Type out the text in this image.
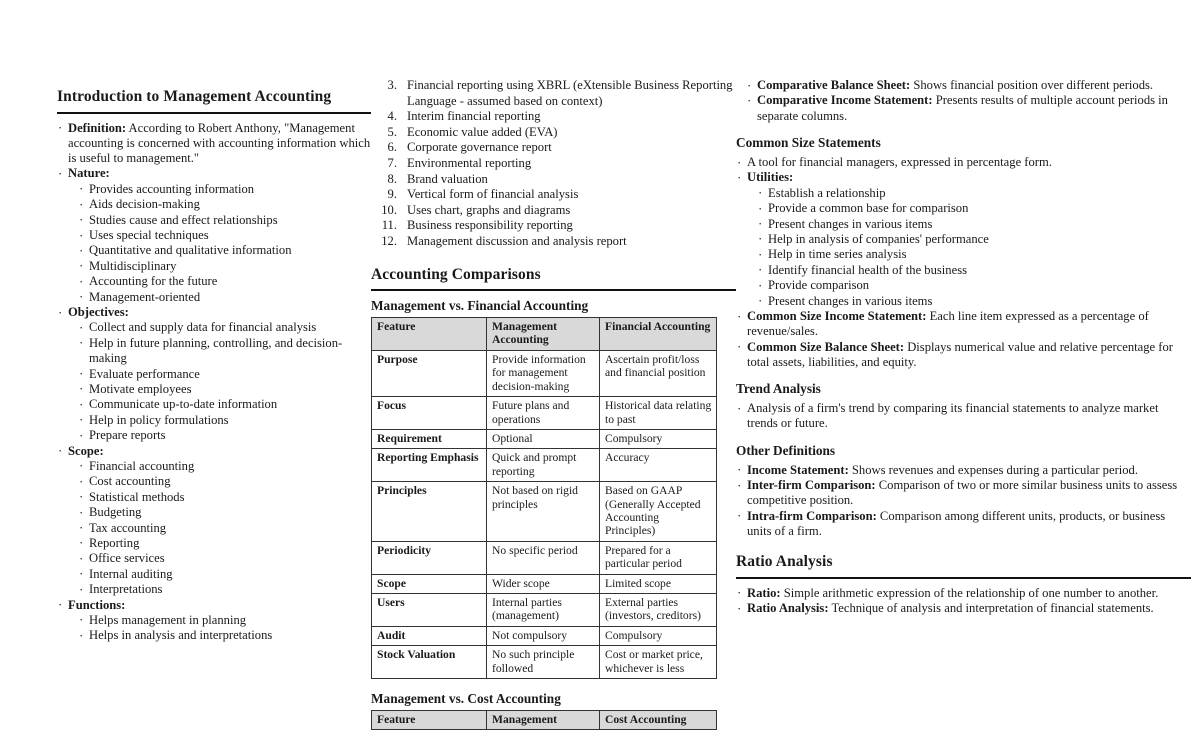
Introduction to Management Accounting
· Definition: According to Robert Anthony, "Management accounting is concerned with accounting information which is useful to management."
· Nature:
· Provides accounting information
· Aids decision-making
· Studies cause and effect relationships
· Uses special techniques
· Quantitative and qualitative information
· Multidisciplinary
· Accounting for the future
· Management-oriented
· Objectives:
· Collect and supply data for financial analysis
· Help in future planning, controlling, and decision-making
· Evaluate performance
· Motivate employees
· Communicate up-to-date information
· Help in policy formulations
· Prepare reports
· Scope:
· Financial accounting
· Cost accounting
· Statistical methods
· Budgeting
· Tax accounting
· Reporting
· Office services
· Internal auditing
· Interpretations
· Functions:
· Helps management in planning
· Helps in analysis and interpretations
3. Financial reporting using XBRL (eXtensible Business Reporting Language - assumed based on context)
4. Interim financial reporting
5. Economic value added (EVA)
6. Corporate governance report
7. Environmental reporting
8. Brand valuation
9. Vertical form of financial analysis
10. Uses chart, graphs and diagrams
11. Business responsibility reporting
12. Management discussion and analysis report
Accounting Comparisons
Management vs. Financial Accounting
Feature	Management Accounting	Financial Accounting
Purpose	Provide information for management decision-making	Ascertain profit/loss and financial position
Focus	Future plans and operations	Historical data relating to past
Requirement	Optional	Compulsory
Reporting Emphasis	Quick and prompt reporting	Accuracy
Principles	Not based on rigid principles	Based on GAAP (Generally Accepted Accounting Principles)
Periodicity	No specific period	Prepared for a particular period
Scope	Wider scope	Limited scope
Users	Internal parties (management)	External parties (investors, creditors)
Audit	Not compulsory	Compulsory
Stock Valuation	No such principle followed	Cost or market price, whichever is less
Management vs. Cost Accounting
Feature	Management	Cost Accounting
· Comparative Balance Sheet: Shows financial position over different periods.
· Comparative Income Statement: Presents results of multiple account periods in separate columns.
Common Size Statements
· A tool for financial managers, expressed in percentage form.
· Utilities:
· Establish a relationship
· Provide a common base for comparison
· Present changes in various items
· Help in analysis of companies' performance
· Help in time series analysis
· Identify financial health of the business
· Provide comparison
· Present changes in various items
· Common Size Income Statement: Each line item expressed as a percentage of revenue/sales.
· Common Size Balance Sheet: Displays numerical value and relative percentage for total assets, liabilities, and equity.
Trend Analysis
· Analysis of a firm's trend by comparing its financial statements to analyze market trends or future.
Other Definitions
· Income Statement: Shows revenues and expenses during a particular period.
· Inter-firm Comparison: Comparison of two or more similar business units to assess competitive position.
· Intra-firm Comparison: Comparison among different units, products, or business units of a firm.
Ratio Analysis
· Ratio: Simple arithmetic expression of the relationship of one number to another.
· Ratio Analysis: Technique of analysis and interpretation of financial statements.
